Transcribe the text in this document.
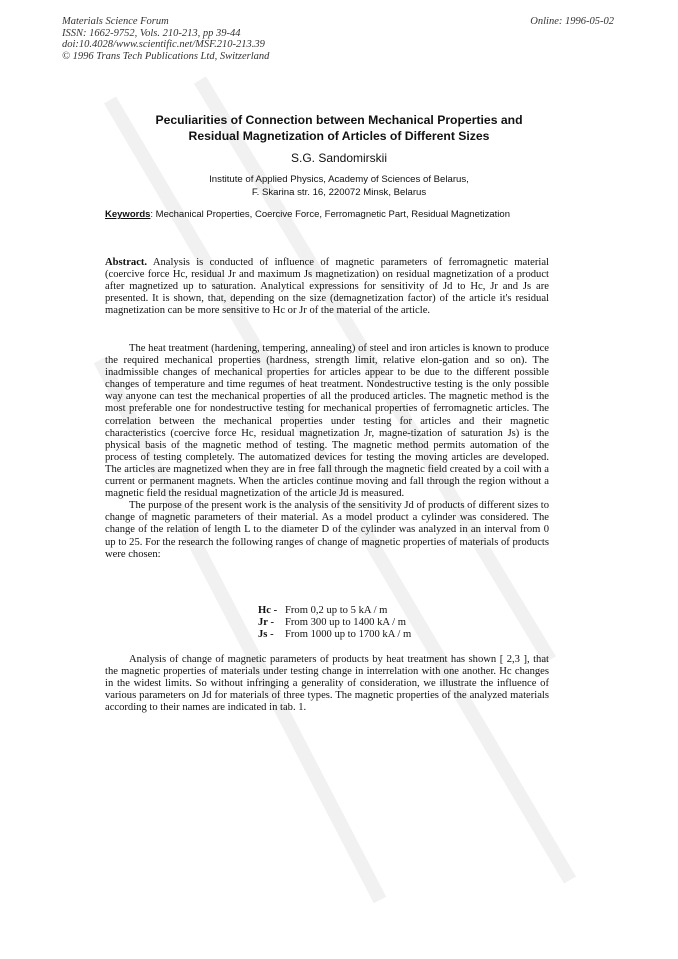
Materials Science Forum
ISSN: 1662-9752, Vols. 210-213, pp 39-44
doi:10.4028/www.scientific.net/MSF.210-213.39
© 1996 Trans Tech Publications Ltd, Switzerland
Online: 1996-05-02
Peculiarities of Connection between Mechanical Properties and
Residual Magnetization of Articles of Different Sizes
S.G. Sandomirskii
Institute of Applied Physics, Academy of Sciences of Belarus,
F. Skarina str. 16, 220072 Minsk, Belarus
Keywords: Mechanical Properties, Coercive Force, Ferromagnetic Part, Residual Magnetization
Abstract. Analysis is conducted of influence of magnetic parameters of ferromagnetic material (coercive force Hc, residual Jr and maximum Js magnetization) on residual magnetization of a product after magnetized up to saturation. Analytical expressions for sensitivity of Jd to Hc, Jr and Js are presented. It is shown, that, depending on the size (demagnetization factor) of the article it's residual magnetization can be more sensitive to Hc or Jr of the material of the article.

The heat treatment (hardening, tempering, annealing) of steel and iron articles is known to produce the required mechanical properties (hardness, strength limit, relative elon-gation and so on). The inadmissible changes of mechanical properties for articles appear to be due to the different possible changes of temperature and time regumes of heat treatment. Nondestructive testing is the only possible way anyone can test the mechanical properties of all the produced articles. The magnetic method is the most preferable one for nondestructive testing for mechanical properties of ferromagnetic articles. The correlation between the mechanical properties under testing for articles and their magnetic characteristics (coercive force Hc, residual magnetization Jr, magne-tization of saturation Js) is the physical basis of the magnetic method of testing. The magnetic method permits automation of the process of testing completely. The automatized devices for testing the moving articles are developed. The articles are magnetized when they are in free fall through the magnetic field created by a coil with a current or permanent magnets. When the articles continue moving and fall through the region without a magnetic field the residual magnetization of the article Jd is measured.

The purpose of the present work is the analysis of the sensitivity Jd of products of different sizes to change of magnetic parameters of their material. As a model product a cylinder was considered. The change of the relation of length L to the diameter D of the cylinder was analyzed in an interval from 0 up to 25. For the research the following ranges of change of magnetic properties of materials of products were chosen:

Hc - From 0,2 up to 5 kA / m
Jr -	From 300 up to 1400 kA / m
Js -	From 1000 up to 1700 kA / m

Analysis of change of magnetic parameters of products by heat treatment has shown [ 2,3 ], that the magnetic properties of materials under testing change in interrelation with one another. Hc changes in the widest limits. So without infringing a generality of consideration, we illustrate the influence of various parameters on Jd for materials of three types. The magnetic properties of the analyzed materials according to their names are indicated in tab. 1.
